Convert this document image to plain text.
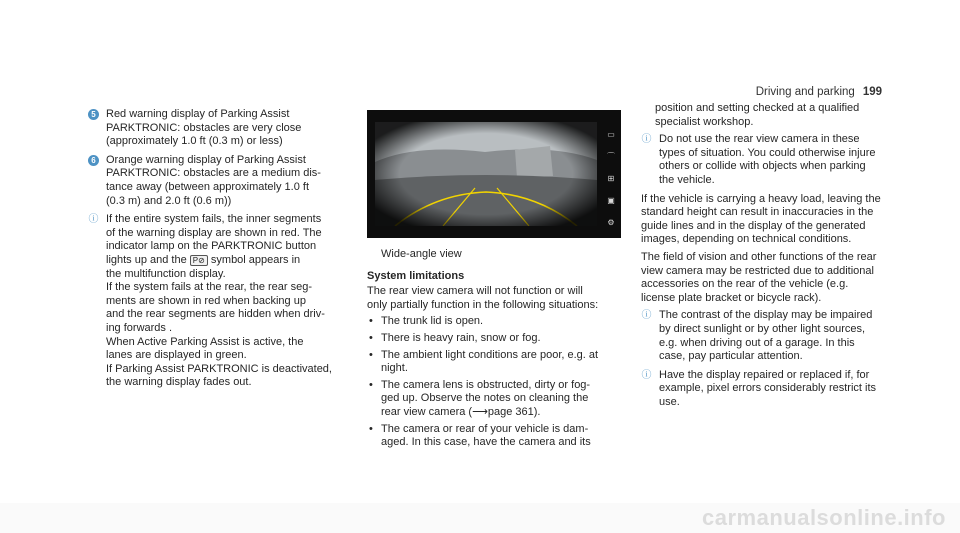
Driving and parking 199
5 Red warning display of Parking Assist
PARKTRONIC: obstacles are very close
(approximately 1.0 ft (0.3 m) or less)
6 Orange warning display of Parking Assist
PARKTRONIC: obstacles are a medium dis-
tance away (between approximately 1.0 ft
(0.3 m) and 2.0 ft (0.6 m))
ⓘ If the entire system fails, the inner segments
of the warning display are shown in red. The
indicator lamp on the PARKTRONIC button
lights up and the P⊘ symbol appears in
the multifunction display.
If the system fails at the rear, the rear seg-
ments are shown in red when backing up
and the rear segments are hidden when driv-
ing forwards .
When Active Parking Assist is active, the
lanes are displayed in green.
If Parking Assist PARKTRONIC is deactivated,
the warning display fades out.
▭
⌒
⊞
▣
⚙
Wide-angle view
System limitations
The rear view camera will not function or will
only partially function in the following situations:
• The trunk lid is open.
• There is heavy rain, snow or fog.
• The ambient light conditions are poor, e.g. at
night.
• The camera lens is obstructed, dirty or fog-
ged up. Observe the notes on cleaning the
rear view camera (⟶page 361).
• The camera or rear of your vehicle is dam-
aged. In this case, have the camera and its
position and setting checked at a qualified
specialist workshop.
ⓘ Do not use the rear view camera in these
types of situation. You could otherwise injure
others or collide with objects when parking
the vehicle.
If the vehicle is carrying a heavy load, leaving the
standard height can result in inaccuracies in the
guide lines and in the display of the generated
images, depending on technical conditions.
The field of vision and other functions of the rear
view camera may be restricted due to additional
accessories on the rear of the vehicle (e.g.
license plate bracket or bicycle rack).
ⓘ The contrast of the display may be impaired
by direct sunlight or by other light sources,
e.g. when driving out of a garage. In this
case, pay particular attention.
ⓘ Have the display repaired or replaced if, for
example, pixel errors considerably restrict its
use.
carmanualsonline.info
